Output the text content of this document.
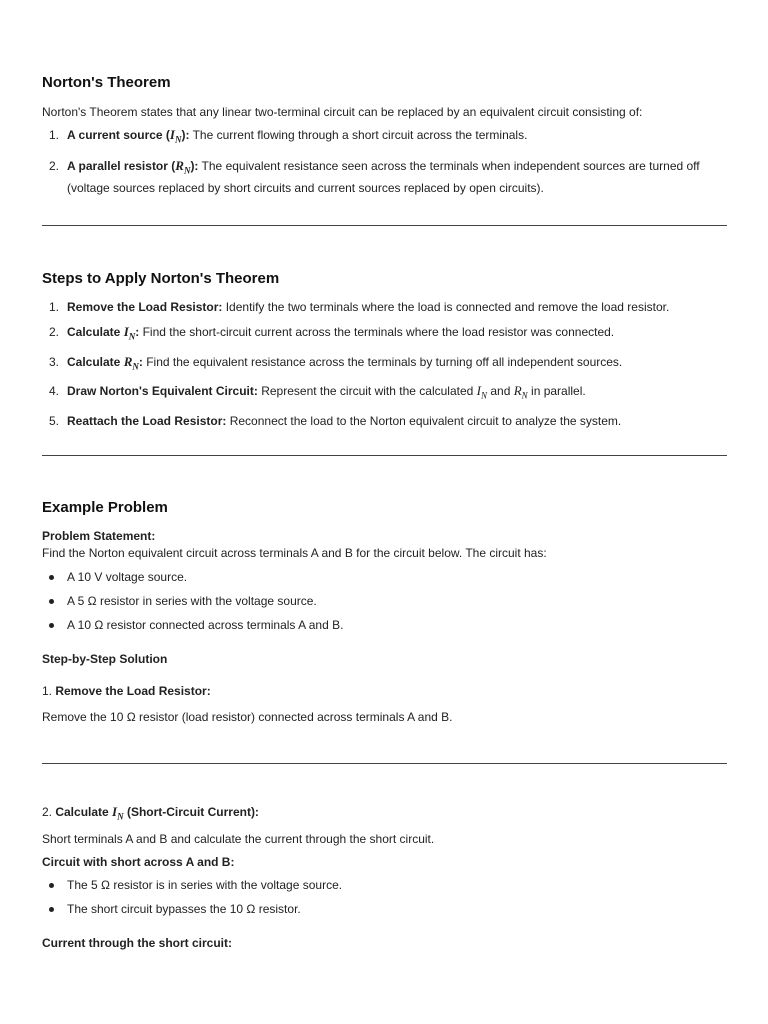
Norton's Theorem

Norton's Theorem states that any linear two-terminal circuit can be replaced by an equivalent circuit consisting of:

1. A current source $(I_N)$: The current flowing through a short circuit across the terminals.
2. A parallel resistor $(R_N)$: The equivalent resistance seen across the terminals when independent sources are turned off (voltage sources replaced by short circuits and current sources replaced by open circuits).
Steps to Apply Norton's Theorem
1. Remove the Load Resistor: Identify the two terminals where the load is connected and remove the load resistor.
2. Calculate $I_N$: Find the short-circuit current across the terminals where the load resistor was connected.
3. Calculate $R_N$: Find the equivalent resistance across the terminals by turning off all independent sources.
4. Draw Norton's Equivalent Circuit: Represent the circuit with the calculated $I_N$ and $R_N$ in parallel.
5. Reattach the Load Resistor: Reconnect the load to the Norton equivalent circuit to analyze the system.
Example Problem

Problem Statement:

Find the Norton equivalent circuit across terminals A and B for the circuit below. The circuit has:

A 10 V voltage source.
A 5 Ω resistor in series with the voltage source.
A 10 Ω resistor connected across terminals A and B.

Step-by-Step Solution

1. Remove the Load Resistor:

Remove the 10 Ω resistor (load resistor) connected across terminals A and B.

2. Calculate $I_N$ (Short-Circuit Current):

Short terminals A and B and calculate the current through the short circuit.

Circuit with short across A and B:

The 5 Ω resistor is in series with the voltage source.
The short circuit bypasses the 10 Ω resistor.

Current through the short circuit:
